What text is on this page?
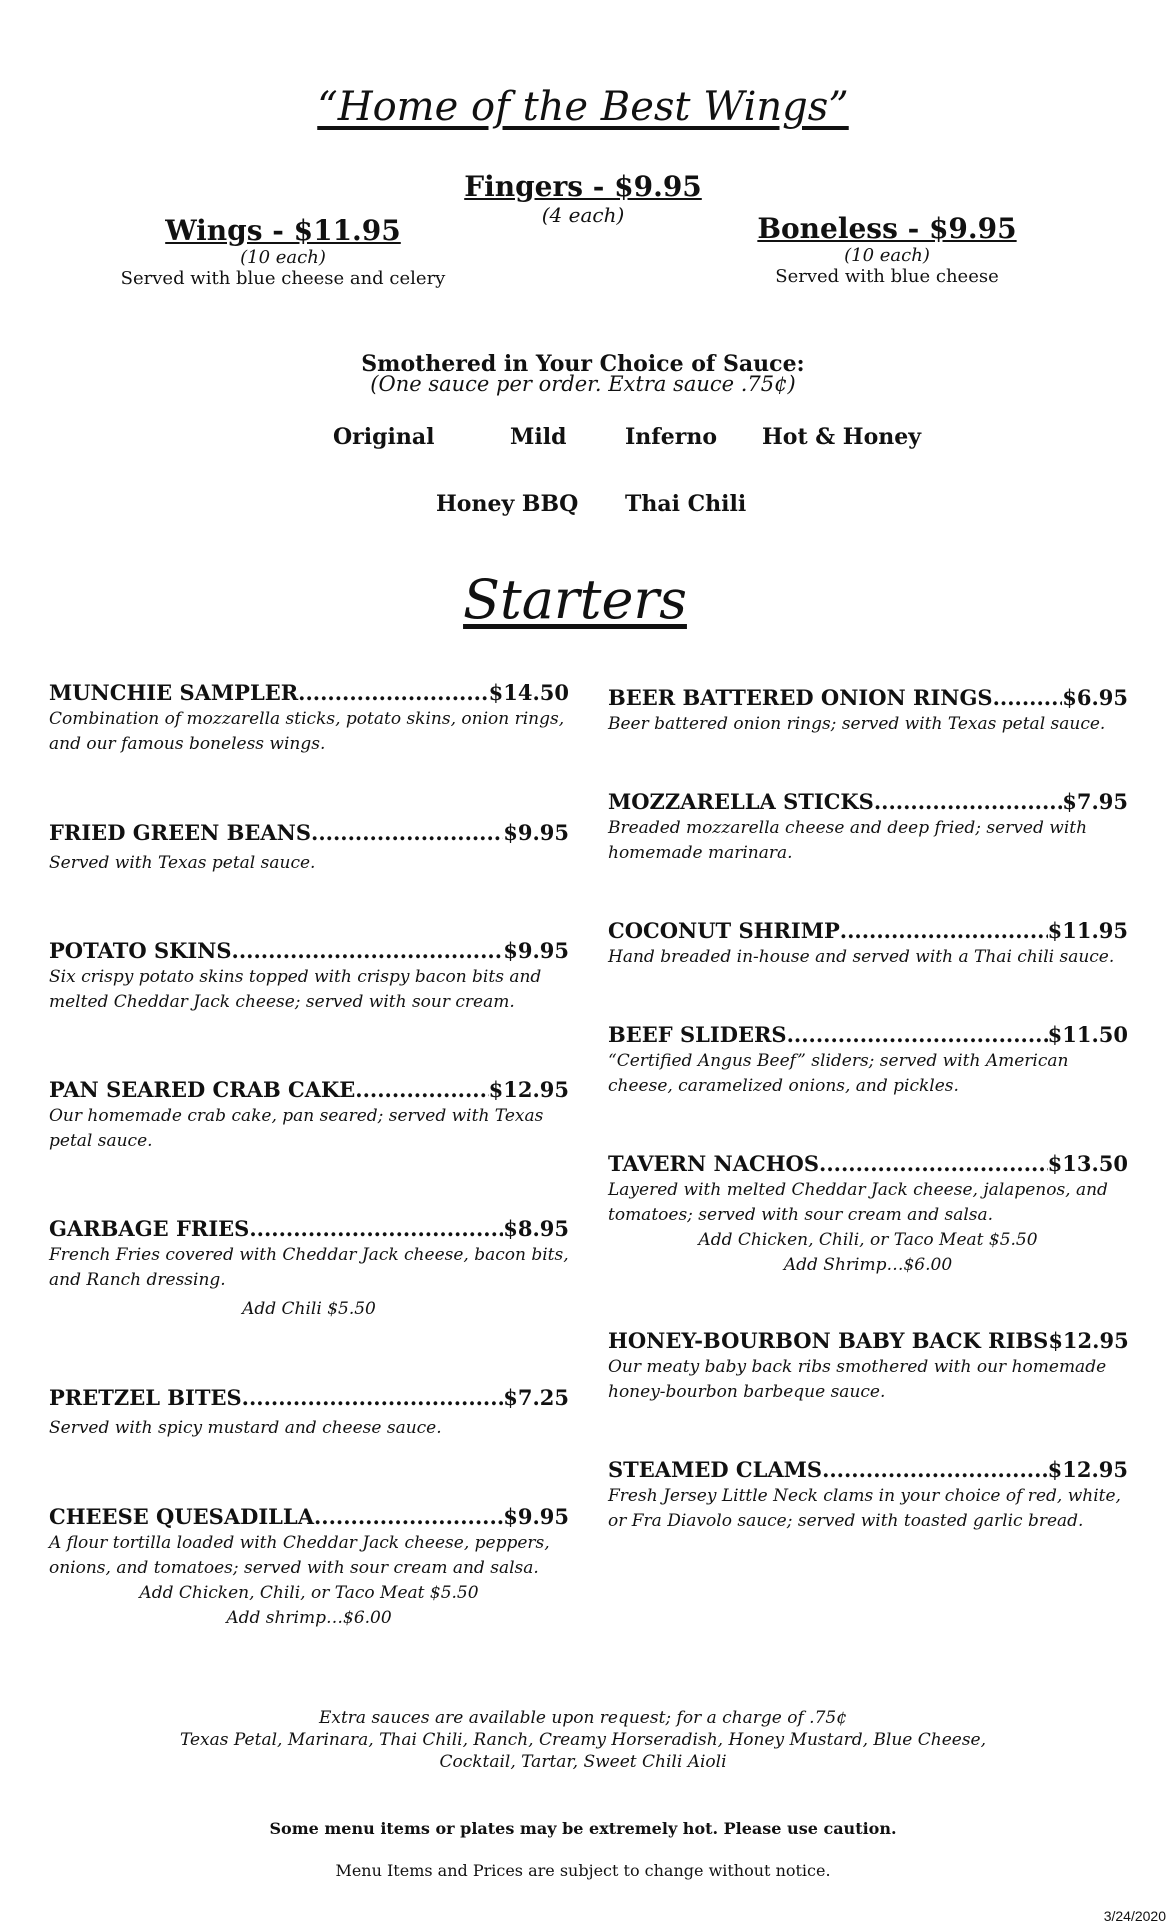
“Home of the Best Wings”
Wings - $11.95
(10 each)
Served with blue cheese and celery
Fingers - $9.95
(4 each)	Boneless - $9.95
(10 each)
Served with blue cheese
Smothered in Your Choice of Sauce:
(One sauce per order. Extra sauce .75¢)
Original	Mild	Inferno Hot & Honey
Honey BBQ Thai Chili
Starters
MUNCHIE SAMPLER .....	$14.50
Combination of mozzarella sticks, potato skins, onion rings, and our famous boneless wings.
FRIED GREEN BEANS .....	$9.95
Served with Texas petal sauce.
POTATO SKINS .....	$9.95
Six crispy potato skins topped with crispy bacon bits and melted Cheddar Jack cheese; served with sour cream.
PAN SEARED CRAB CAKE .....	$12.95
Our homemade crab cake, pan seared; served with Texas petal sauce.
GARBAGE FRIES .....	$8.95
French Fries covered with Cheddar Jack cheese, bacon bits, and Ranch dressing.
Add Chili $5.50
PRETZEL BITES .....	$7.25
Served with spicy mustard and cheese sauce.
CHEESE QUESADILLA .....	$9.95
A flour tortilla loaded with Cheddar Jack cheese, peppers, onions, and tomatoes; served with sour cream and salsa.
Add Chicken, Chili, or Taco Meat $5.50
Add shrimp…$6.00
BEER BATTERED ONION RINGS .....	$6.95
Beer battered onion rings; served with Texas petal sauce.
MOZZARELLA STICKS .....	$7.95
Breaded mozzarella cheese and deep fried; served with homemade marinara.
COCONUT SHRIMP .....	$11.95
Hand breaded in-house and served with a Thai chili sauce.
BEEF SLIDERS .....	$11.50
“Certified Angus Beef” sliders; served with American cheese, caramelized onions, and pickles.
TAVERN NACHOS .....	$13.50
Layered with melted Cheddar Jack cheese, jalapenos, and tomatoes; served with sour cream and salsa.
Add Chicken, Chili, or Taco Meat $5.50
Add Shrimp…$6.00
HONEY-BOURBON BABY BACK RIBS $12.95
Our meaty baby back ribs smothered with our homemade honey-bourbon barbeque sauce.
STEAMED CLAMS .....	$12.95
Fresh Jersey Little Neck clams in your choice of red, white, or Fra Diavolo sauce; served with toasted garlic bread.
Extra sauces are available upon request; for a charge of .75¢
Texas Petal, Marinara, Thai Chili, Ranch, Creamy Horseradish, Honey Mustard, Blue Cheese,
Cocktail, Tartar, Sweet Chili Aioli
Some menu items or plates may be extremely hot. Please use caution.
Menu Items and Prices are subject to change without notice.
3/24/2020
